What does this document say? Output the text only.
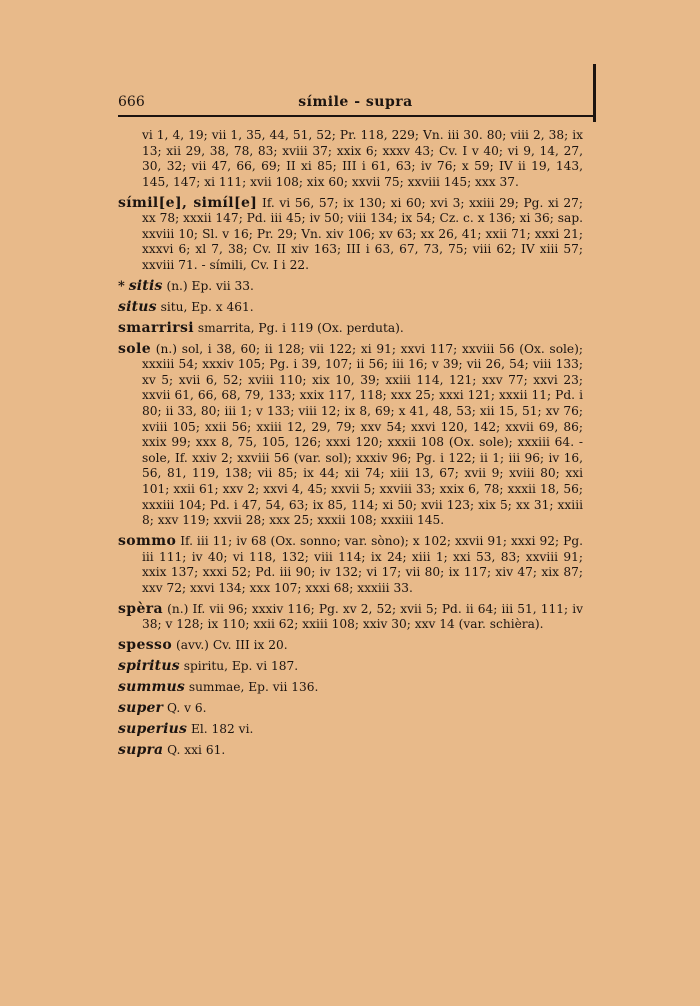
666	símile - supra

vi 1, 4, 19; vii 1, 35, 44, 51, 52; Pr. 118, 229; Vn. iii 30. 80; viii 2, 38; ix 13; xii 29, 38, 78, 83; xviii 37; xxix 6; xxxv 43; Cv. I v 40; vi 9, 14, 27, 30, 32; vii 47, 66, 69; II xi 85; III i 61, 63; iv 76; x 59; IV ii 19, 143, 145, 147; xi 111; xvii 108; xix 60; xxvii 75; xxviii 145; xxx 37.

símil[e], simíl[e] If. vi 56, 57; ix 130; xi 60; xvi 3; xxiii 29; Pg. xi 27; xx 78; xxxii 147; Pd. iii 45; iv 50; viii 134; ix 54; Cz. c. x 136; xi 36; sap. xxviii 10; Sl. v 16; Pr. 29; Vn. xiv 106; xv 63; xx 26, 41; xxii 71; xxxi 21; xxxvi 6; xl 7, 38; Cv. II xiv 163; III i 63, 67, 73, 75; viii 62; IV xiii 57; xxviii 71. - símili, Cv. I i 22.

* sitis (n.) Ep. vii 33.

situs situ, Ep. x 461.

smarrirsi smarrita, Pg. i 119 (Ox. perduta).

sole (n.) sol, i 38, 60; ii 128; vii 122; xi 91; xxvi 117; xxviii 56 (Ox. sole); xxxiii 54; xxxiv 105; Pg. i 39, 107; ii 56; iii 16; v 39; vii 26, 54; viii 133; xv 5; xvii 6, 52; xviii 110; xix 10, 39; xxiii 114, 121; xxv 77; xxvi 23; xxvii 61, 66, 68, 79, 133; xxix 117, 118; xxx 25; xxxi 121; xxxii 11; Pd. i 80; ii 33, 80; iii 1; v 133; viii 12; ix 8, 69; x 41, 48, 53; xii 15, 51; xv 76; xviii 105; xxii 56; xxiii 12, 29, 79; xxv 54; xxvi 120, 142; xxvii 69, 86; xxix 99; xxx 8, 75, 105, 126; xxxi 120; xxxii 108 (Ox. sole); xxxiii 64. - sole, If. xxiv 2; xxviii 56 (var. sol); xxxiv 96; Pg. i 122; ii 1; iii 96; iv 16, 56, 81, 119, 138; vii 85; ix 44; xii 74; xiii 13, 67; xvii 9; xviii 80; xxi 101; xxii 61; xxv 2; xxvi 4, 45; xxvii 5; xxviii 33; xxix 6, 78; xxxii 18, 56; xxxiii 104; Pd. i 47, 54, 63; ix 85, 114; xi 50; xvii 123; xix 5; xx 31; xxiii 8; xxv 119; xxvii 28; xxx 25; xxxii 108; xxxiii 145.

sommo If. iii 11; iv 68 (Ox. sonno; var. sòno); x 102; xxvii 91; xxxi 92; Pg. iii 111; iv 40; vi 118, 132; viii 114; ix 24; xiii 1; xxi 53, 83; xxviii 91; xxix 137; xxxi 52; Pd. iii 90; iv 132; vi 17; vii 80; ix 117; xiv 47; xix 87; xxv 72; xxvi 134; xxx 107; xxxi 68; xxxiii 33.

spèra (n.) If. vii 96; xxxiv 116; Pg. xv 2, 52; xvii 5; Pd. ii 64; iii 51, 111; iv 38; v 128; ix 110; xxii 62; xxiii 108; xxiv 30; xxv 14 (var. schièra).

spesso (avv.) Cv. III ix 20.

spiritus spiritu, Ep. vi 187.

summus summae, Ep. vii 136.

super Q. v 6.

superius El. 182 vi.

supra Q. xxi 61.
